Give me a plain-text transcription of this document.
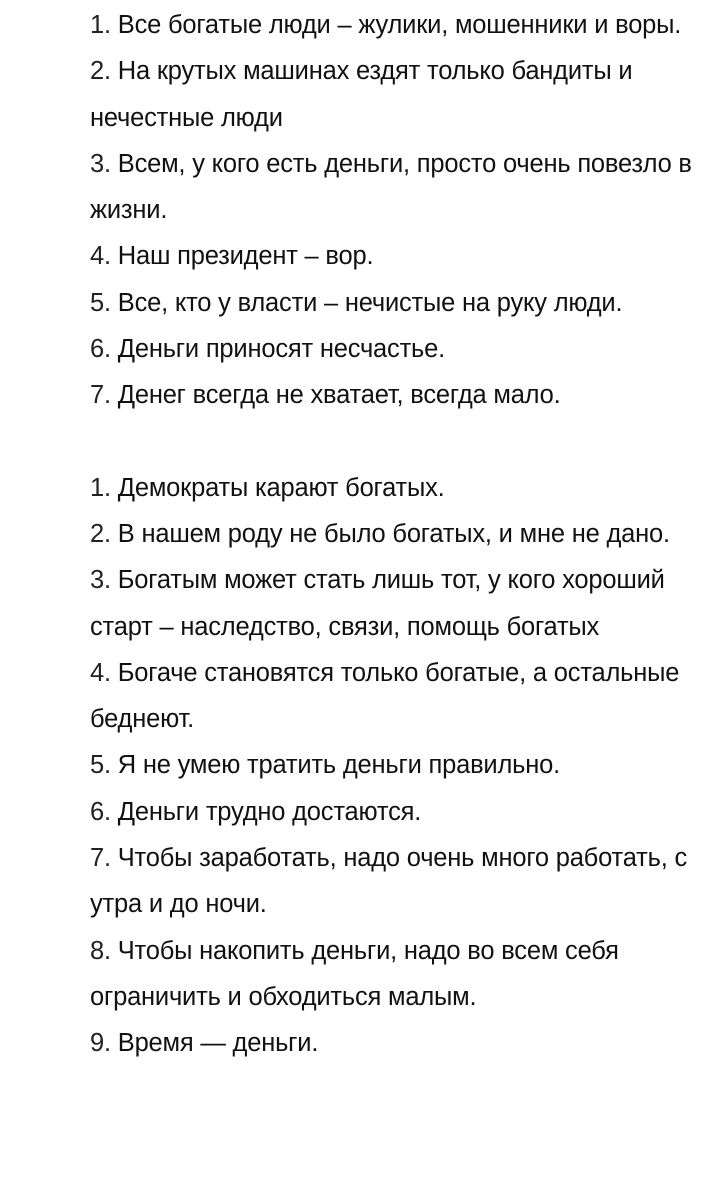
1. Все богатые люди – жулики, мошенники и воры.

2. На крутых машинах ездят только бандиты и нечестные люди

3. Всем, у кого есть деньги, просто очень повезло в жизни.

4. Наш президент – вор.

5. Все, кто у власти – нечистые на руку люди.

6. Деньги приносят несчастье.

7. Денег всегда не хватает, всегда мало.

1. Демократы карают богатых.

2. В нашем роду не было богатых, и мне не дано.

3. Богатым может стать лишь тот, у кого хороший старт – наследство, связи, помощь богатых

4. Богаче становятся только богатые, а остальные беднеют.

5. Я не умею тратить деньги правильно.

6. Деньги трудно достаются.

7. Чтобы заработать, надо очень много работать, с утра и до ночи.

8. Чтобы накопить деньги, надо во всем себя ограничить и обходиться малым.

9. Время — деньги.
